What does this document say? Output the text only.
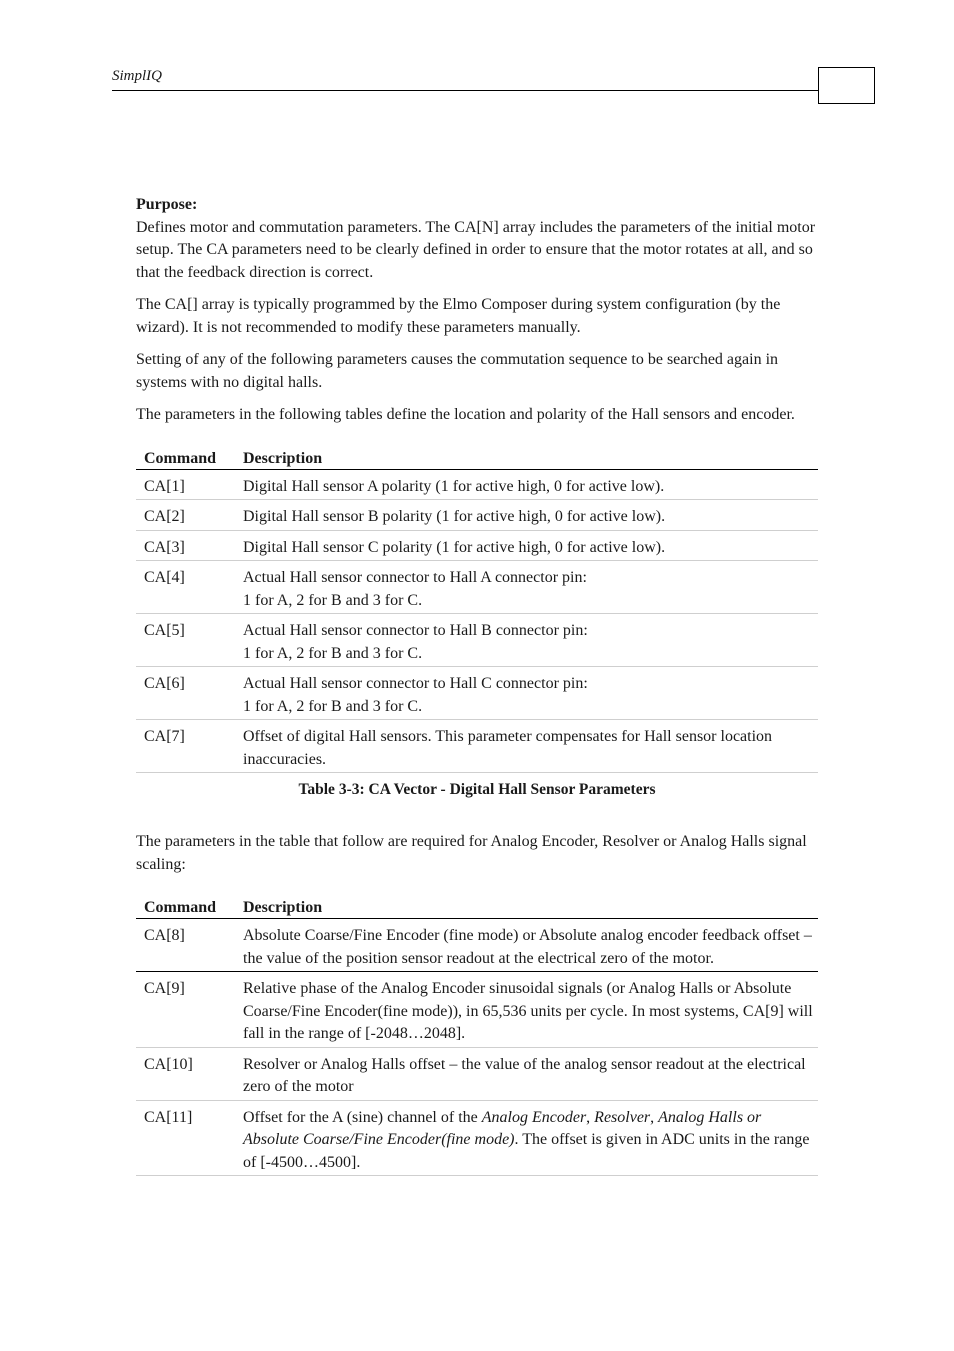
SimplIQ

Purpose:
Defines motor and commutation parameters. The CA[N] array includes the parameters of the initial motor setup. The CA parameters need to be clearly defined in order to ensure that the motor rotates at all, and so that the feedback direction is correct.

The CA[] array is typically programmed by the Elmo Composer during system configuration (by the wizard). It is not recommended to modify these parameters manually.

Setting of any of the following parameters causes the commutation sequence to be searched again in systems with no digital halls.

The parameters in the following tables define the location and polarity of the Hall sensors and encoder.

Command	Description
CA[1]	Digital Hall sensor A polarity (1 for active high, 0 for active low).
CA[2]	Digital Hall sensor B polarity (1 for active high, 0 for active low).
CA[3]	Digital Hall sensor C polarity (1 for active high, 0 for active low).
CA[4]	Actual Hall sensor connector to Hall A connector pin:
1 for A, 2 for B and 3 for C.
CA[5]	Actual Hall sensor connector to Hall B connector pin:
1 for A, 2 for B and 3 for C.
CA[6]	Actual Hall sensor connector to Hall C connector pin:
1 for A, 2 for B and 3 for C.
CA[7]	Offset of digital Hall sensors. This parameter compensates for Hall sensor location inaccuracies.
Table 3-3: CA Vector - Digital Hall Sensor Parameters

The parameters in the table that follow are required for Analog Encoder, Resolver or Analog Halls signal scaling:

Command	Description
CA[8]	Absolute Coarse/Fine Encoder (fine mode) or Absolute analog encoder feedback offset – the value of the position sensor readout at the electrical zero of the motor.
CA[9]	Relative phase of the Analog Encoder sinusoidal signals (or Analog Halls or Absolute Coarse/Fine Encoder(fine mode)), in 65,536 units per cycle. In most systems, CA[9] will fall in the range of [-2048…2048].
CA[10]	Resolver or Analog Halls offset – the value of the analog sensor readout at the electrical zero of the motor
CA[11]	Offset for the A (sine) channel of the Analog Encoder, Resolver, Analog Halls or Absolute Coarse/Fine Encoder(fine mode). The offset is given in ADC units in the range of [-4500…4500].
